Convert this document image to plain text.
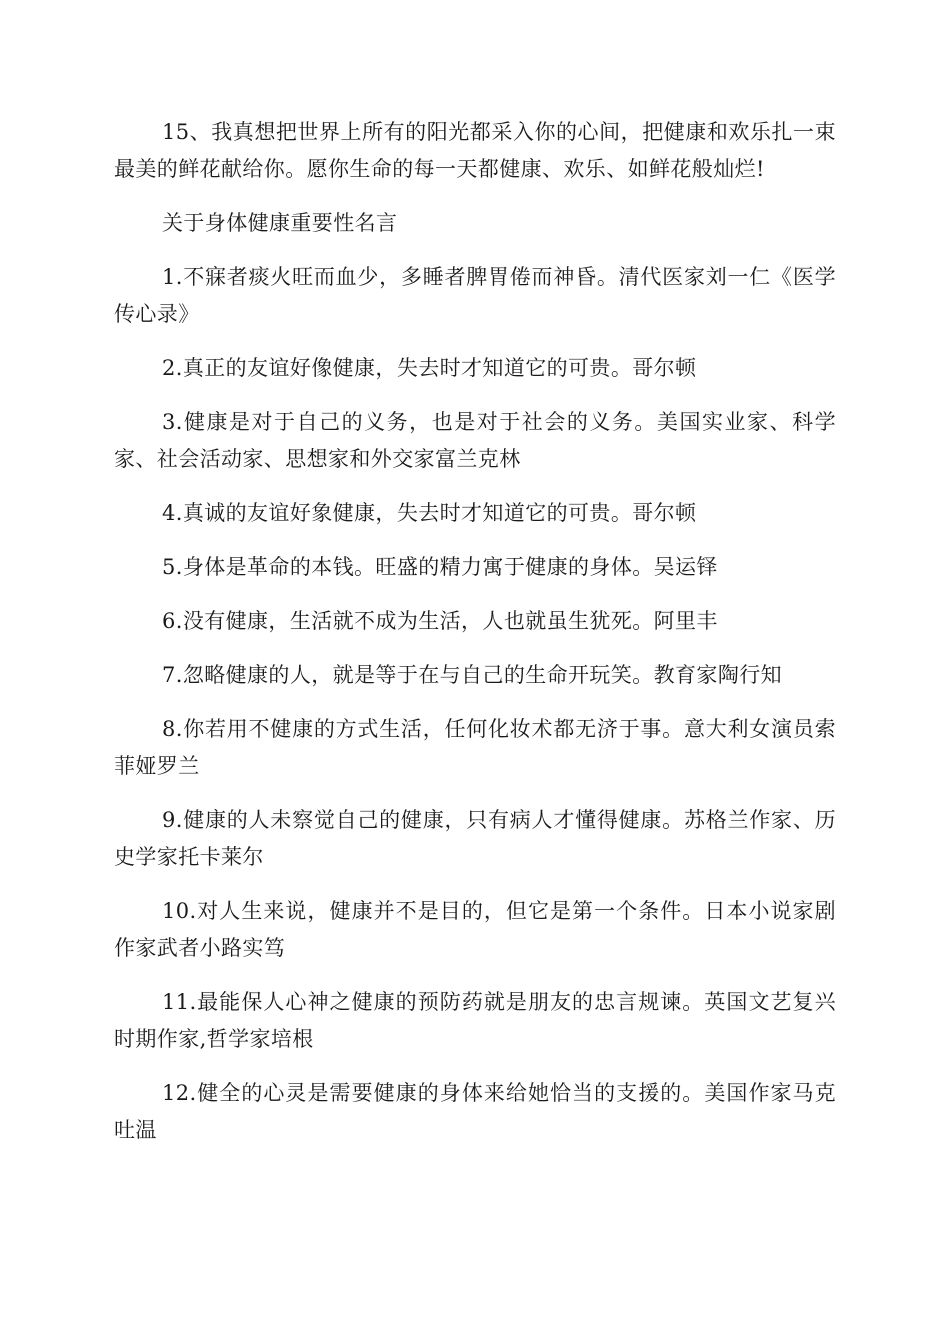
15、我真想把世界上所有的阳光都采入你的心间，把健康和欢乐扎一束最美的鲜花献给你。愿你生命的每一天都健康、欢乐、如鲜花般灿烂!

关于身体健康重要性名言

1.不寐者痰火旺而血少，多睡者脾胃倦而神昏。清代医家刘一仁《医学传心录》

2.真正的友谊好像健康，失去时才知道它的可贵。哥尔顿

3.健康是对于自己的义务，也是对于社会的义务。美国实业家、科学家、社会活动家、思想家和外交家富兰克林

4.真诚的友谊好象健康，失去时才知道它的可贵。哥尔顿

5.身体是革命的本钱。旺盛的精力寓于健康的身体。吴运铎

6.没有健康，生活就不成为生活，人也就虽生犹死。阿里丰

7.忽略健康的人，就是等于在与自己的生命开玩笑。教育家陶行知

8.你若用不健康的方式生活，任何化妆术都无济于事。意大利女演员索菲娅罗兰

9.健康的人未察觉自己的健康，只有病人才懂得健康。苏格兰作家、历史学家托卡莱尔

10.对人生来说，健康并不是目的，但它是第一个条件。日本小说家剧作家武者小路实笃

11.最能保人心神之健康的预防药就是朋友的忠言规谏。英国文艺复兴时期作家,哲学家培根

12.健全的心灵是需要健康的身体来给她恰当的支援的。美国作家马克吐温
